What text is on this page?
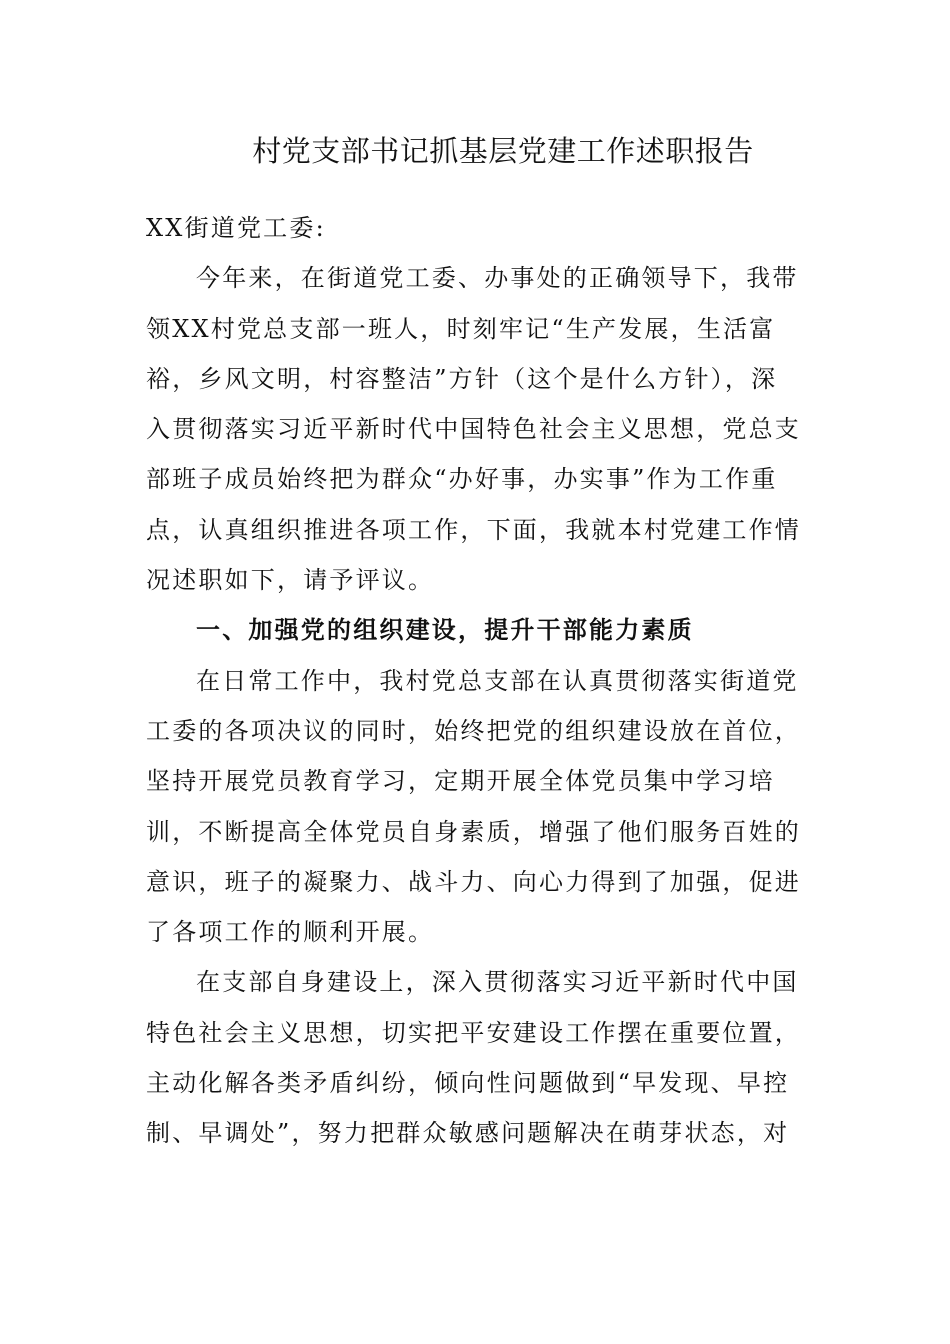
村党支部书记抓基层党建工作述职报告
XX街道党工委:
今年来，在街道党工委、办事处的正确领导下，我带
领XX村党总支部一班人，时刻牢记“生产发展，生活富
裕，乡风文明，村容整洁”方针（这个是什么方针），深
入贯彻落实习近平新时代中国特色社会主义思想，党总支
部班子成员始终把为群众“办好事，办实事”作为工作重
点，认真组织推进各项工作，下面，我就本村党建工作情
况述职如下，请予评议。
一、加强党的组织建设，提升干部能力素质
在日常工作中，我村党总支部在认真贯彻落实街道党
工委的各项决议的同时，始终把党的组织建设放在首位，
坚持开展党员教育学习，定期开展全体党员集中学习培
训，不断提高全体党员自身素质，增强了他们服务百姓的
意识，班子的凝聚力、战斗力、向心力得到了加强，促进
了各项工作的顺利开展。
在支部自身建设上，深入贯彻落实习近平新时代中国
特色社会主义思想，切实把平安建设工作摆在重要位置，
主动化解各类矛盾纠纷，倾向性问题做到“早发现、早控
制、早调处”，努力把群众敏感问题解决在萌芽状态，对
